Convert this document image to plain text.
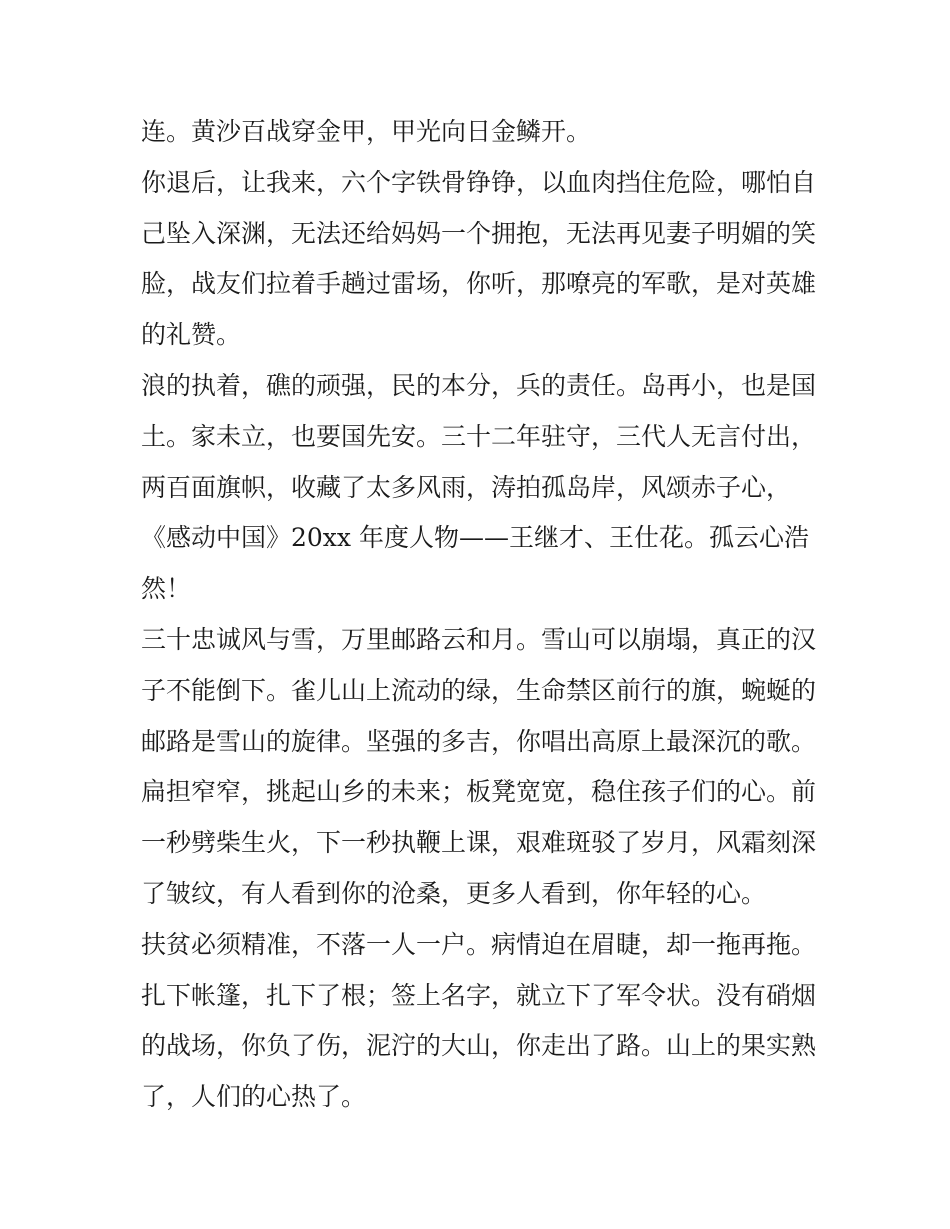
连。黄沙百战穿金甲，甲光向日金鳞开。
你退后，让我来，六个字铁骨铮铮，以血肉挡住危险，哪怕自
己坠入深渊，无法还给妈妈一个拥抱，无法再见妻子明媚的笑
脸，战友们拉着手趟过雷场，你听，那嘹亮的军歌，是对英雄
的礼赞。
浪的执着，礁的顽强，民的本分，兵的责任。岛再小，也是国
土。家未立，也要国先安。三十二年驻守，三代人无言付出，
两百面旗帜，收藏了太多风雨，涛拍孤岛岸，风颂赤子心，
《感动中国》20xx 年度人物——王继才、王仕花。孤云心浩
然！
三十忠诚风与雪，万里邮路云和月。雪山可以崩塌，真正的汉
子不能倒下。雀儿山上流动的绿，生命禁区前行的旗，蜿蜒的
邮路是雪山的旋律。坚强的多吉，你唱出高原上最深沉的歌。
扁担窄窄，挑起山乡的未来；板凳宽宽，稳住孩子们的心。前
一秒劈柴生火，下一秒执鞭上课，艰难斑驳了岁月，风霜刻深
了皱纹，有人看到你的沧桑，更多人看到，你年轻的心。
扶贫必须精准，不落一人一户。病情迫在眉睫，却一拖再拖。
扎下帐篷，扎下了根；签上名字，就立下了军令状。没有硝烟
的战场，你负了伤，泥泞的大山，你走出了路。山上的果实熟
了，人们的心热了。
